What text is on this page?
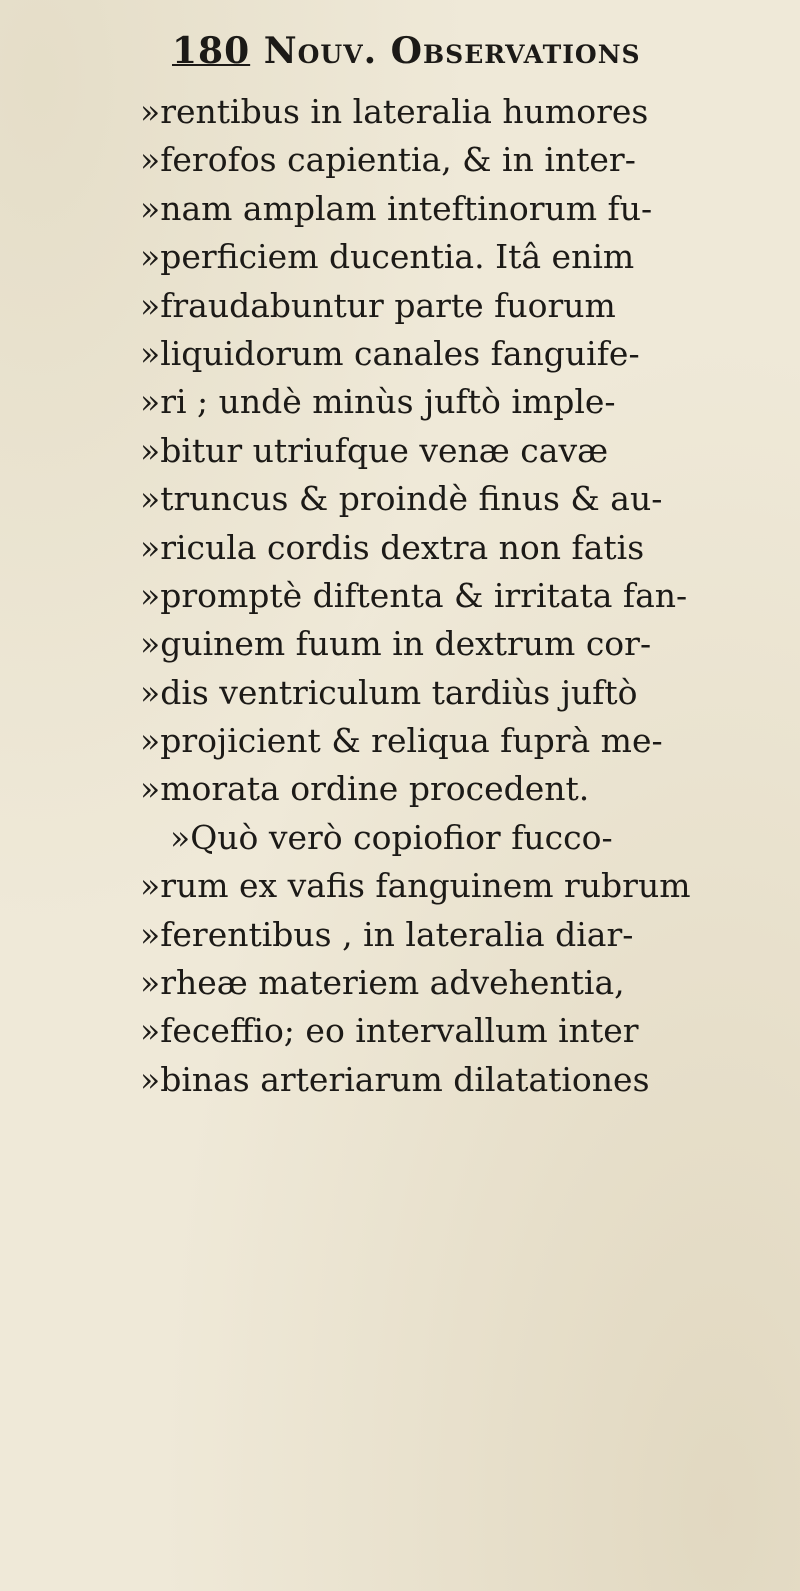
180 Nouv. Observations
»rentibus in lateralia humores
»ferofos capientia, & in inter-
»nam amplam inteftinorum fu-
»perficiem ducentia. Itâ enim
»fraudabuntur parte fuorum
»liquidorum canales fanguife-
»ri ; undè minùs juftò imple-
»bitur utriufque venæ cavæ
»truncus & proindè finus & au-
»ricula cordis dextra non fatis
»promptè diftenta & irritata fan-
»guinem fuum in dextrum cor-
»dis ventriculum tardiùs juftò
»projicient & reliqua fuprà me-
»morata ordine procedent.
»Quò verò copiofior fucco-
»rum ex vafis fanguinem rubrum
»ferentibus , in lateralia diar-
»rheæ materiem advehentia,
»feceffio; eo intervallum inter
»binas arteriarum dilatationes
